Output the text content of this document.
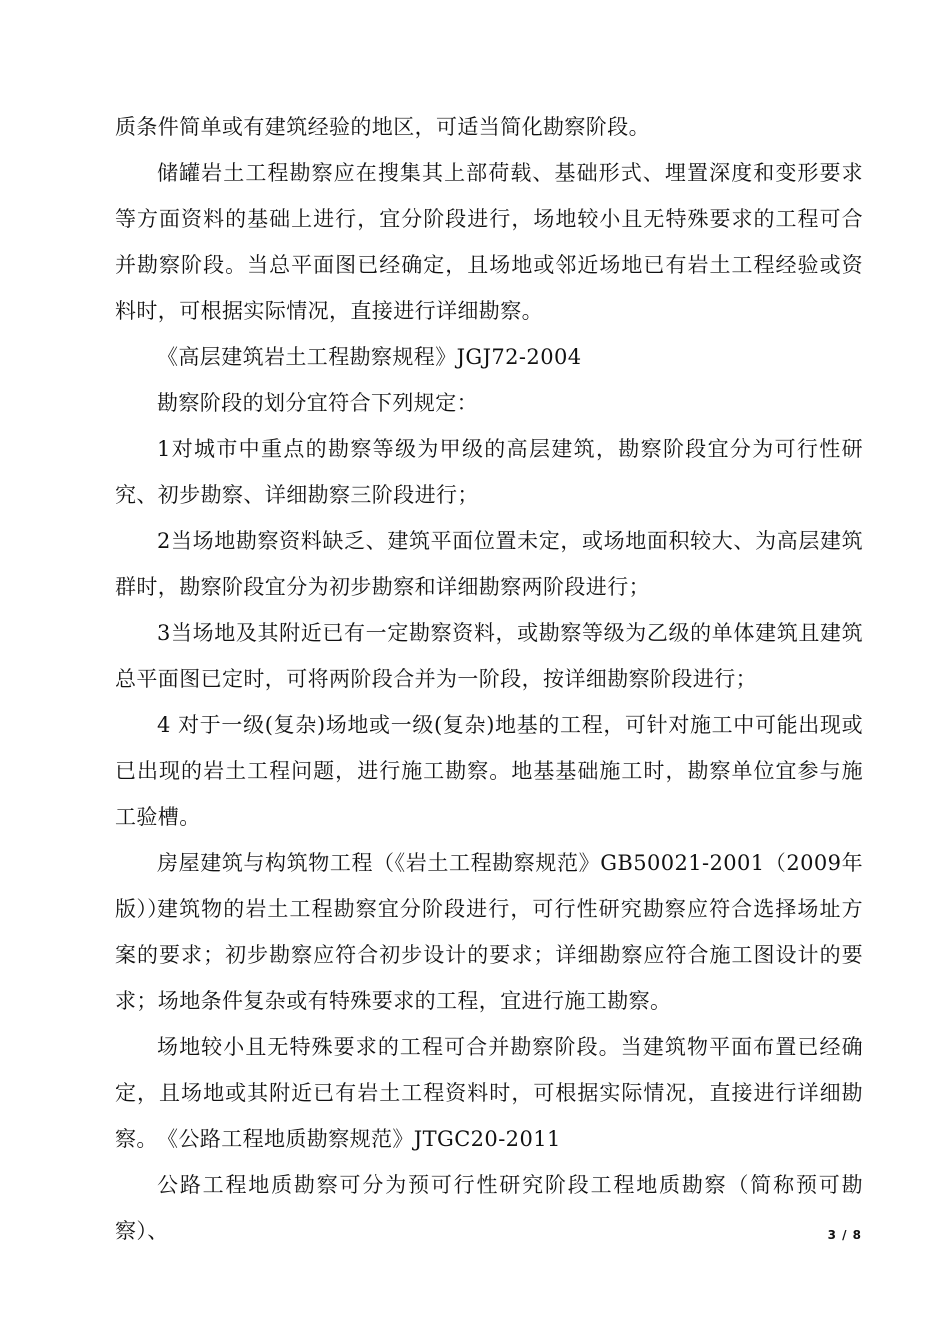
质条件简单或有建筑经验的地区，可适当简化勘察阶段。

储罐岩土工程勘察应在搜集其上部荷载、基础形式、埋置深度和变形要求等方面资料的基础上进行，宜分阶段进行，场地较小且无特殊要求的工程可合并勘察阶段。当总平面图已经确定，且场地或邻近场地已有岩土工程经验或资料时，可根据实际情况，直接进行详细勘察。

《高层建筑岩土工程勘察规程》JGJ72-2004

勘察阶段的划分宜符合下列规定：

1对城市中重点的勘察等级为甲级的高层建筑，勘察阶段宜分为可行性研究、初步勘察、详细勘察三阶段进行；

2当场地勘察资料缺乏、建筑平面位置未定，或场地面积较大、为高层建筑群时，勘察阶段宜分为初步勘察和详细勘察两阶段进行；

3当场地及其附近已有一定勘察资料，或勘察等级为乙级的单体建筑且建筑总平面图已定时，可将两阶段合并为一阶段，按详细勘察阶段进行；

4 对于一级(复杂)场地或一级(复杂)地基的工程，可针对施工中可能出现或已出现的岩土工程问题，进行施工勘察。地基基础施工时，勘察单位宜参与施工验槽。

房屋建筑与构筑物工程（《岩土工程勘察规范》GB50021-2001（2009年版））

建筑物的岩土工程勘察宜分阶段进行，可行性研究勘察应符合选择场址方案的要求；初步勘察应符合初步设计的要求；详细勘察应符合施工图设计的要求；场地条件复杂或有特殊要求的工程，宜进行施工勘察。

场地较小且无特殊要求的工程可合并勘察阶段。当建筑物平面布置已经确定，且场地或其附近已有岩土工程资料时，可根据实际情况，直接进行详细勘察。 《公路工程地质勘察规范》JTGC20-2011

公路工程地质勘察可分为预可行性研究阶段工程地质勘察（简称预可勘察）、	3 / 8
